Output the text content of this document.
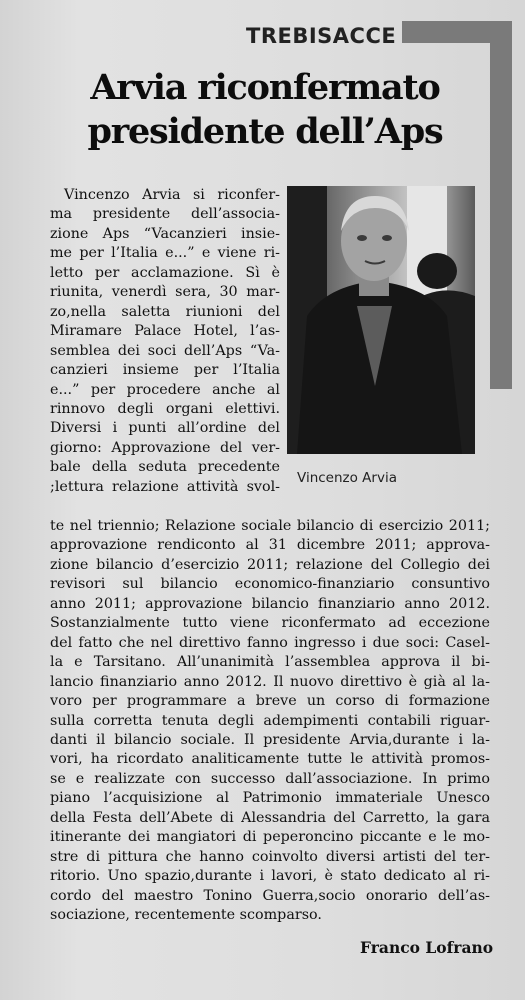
TREBISACCE
Arvia riconfermato
presidente dell’Aps
Vincenzo Arvia
Vincenzo Arvia si riconfer-
ma presidente dell’associa-
zione Aps “Vacanzieri insie-
me per l’Italia e...” e viene ri-
letto per acclamazione. Sì è
riunita, venerdì sera, 30 mar-
zo,nella saletta riunioni del
Miramare Palace Hotel, l’as-
semblea dei soci dell’Aps “Va-
canzieri insieme per l’Italia
e...” per procedere anche al
rinnovo degli organi elettivi.
Diversi i punti all’ordine del
giorno: Approvazione del ver-
bale della seduta precedente
;lettura relazione attività svol-
te nel triennio; Relazione sociale bilancio di esercizio 2011;
approvazione rendiconto al 31 dicembre 2011; approva-
zione bilancio d’esercizio 2011; relazione del Collegio dei
revisori sul bilancio economico-finanziario consuntivo
anno 2011; approvazione bilancio finanziario anno 2012.
Sostanzialmente tutto viene riconfermato ad eccezione
del fatto che nel direttivo fanno ingresso i due soci: Casel-
la e Tarsitano. All’unanimità l’assemblea approva il bi-
lancio finanziario anno 2012. Il nuovo direttivo è già al la-
voro per programmare a breve un corso di formazione
sulla corretta tenuta degli adempimenti contabili riguar-
danti il bilancio sociale. Il presidente Arvia,durante i la-
vori, ha ricordato analiticamente tutte le attività promos-
se e realizzate con successo dall’associazione. In primo
piano l’acquisizione al Patrimonio immateriale Unesco
della Festa dell’Abete di Alessandria del Carretto, la gara
itinerante dei mangiatori di peperoncino piccante e le mo-
stre di pittura che hanno coinvolto diversi artisti del ter-
ritorio. Uno spazio,durante i lavori, è stato dedicato al ri-
cordo del maestro Tonino Guerra,socio onorario dell’as-
sociazione, recentemente scomparso.
Franco Lofrano
